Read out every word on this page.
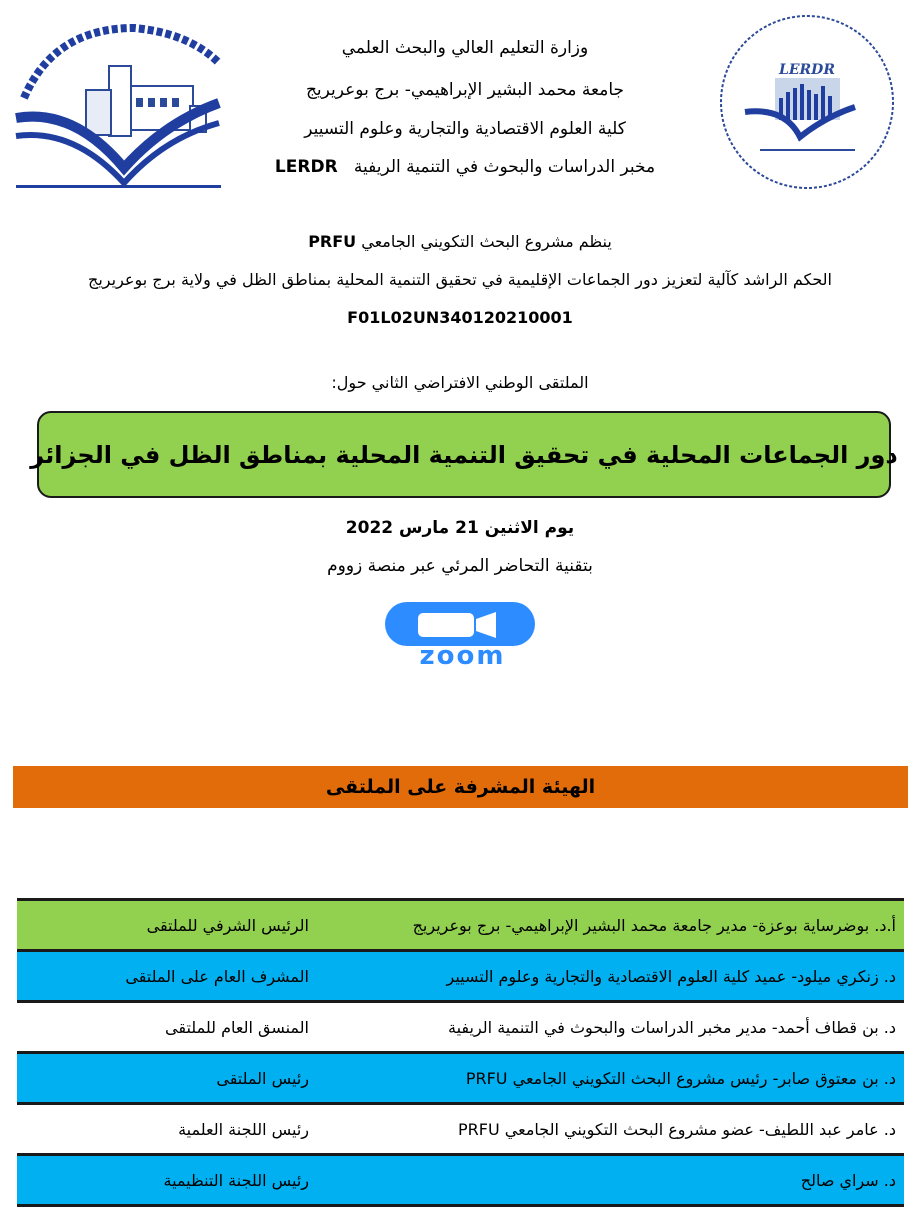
LERDR
وزارة التعليم العالي والبحث العلمي
جامعة محمد البشير الإبراهيمي- برج بوعريريج
كلية العلوم الاقتصادية والتجارية وعلوم التسيير
مخبر الدراسات والبحوث في التنمية الريفية   LERDR
ينظم مشروع البحث التكويني الجامعي PRFU
الحكم الراشد كآلية لتعزيز دور الجماعات الإقليمية في تحقيق التنمية المحلية بمناطق الظل في ولاية برج بوعريريج
F01L02UN340120210001
الملتقى الوطني الافتراضي الثاني حول:
دور الجماعات المحلية في تحقيق التنمية المحلية بمناطق الظل في الجزائر
يوم الاثنين 21 مارس 2022
بتقنية التحاضر المرئي عبر منصة زووم
zoom
الهيئة المشرفة على الملتقى
الرئيس الشرفي للملتقى	أ.د. بوضرساية بوعزة- مدير جامعة محمد البشير الإبراهيمي- برج بوعريريج
المشرف العام على الملتقى	د. زنكري ميلود- عميد كلية العلوم الاقتصادية والتجارية وعلوم التسيير
المنسق العام للملتقى	د. بن قطاف أحمد- مدير مخبر الدراسات والبحوث في التنمية الريفية
رئيس الملتقى	د. بن معتوق صابر- رئيس مشروع البحث التكويني الجامعي PRFU
رئيس اللجنة العلمية	د. عامر عبد اللطيف- عضو مشروع البحث التكويني الجامعي PRFU
رئيس اللجنة التنظيمية	د. سراي صالح
